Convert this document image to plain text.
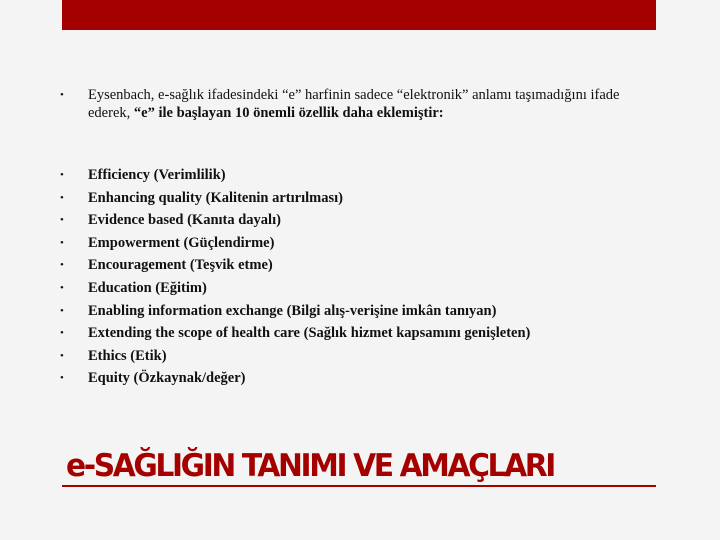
• Eysenbach, e-sağlık ifadesindeki “e” harfinin sadece “elektronik” anlamı taşımadığını ifade ederek, “e” ile başlayan 10 önemli özellik daha eklemiştir:
• Efficiency (Verimlilik)
• Enhancing quality (Kalitenin artırılması)
• Evidence based (Kanıta dayalı)
• Empowerment (Güçlendirme)
• Encouragement (Teşvik etme)
• Education (Eğitim)
• Enabling information exchange (Bilgi alış-verişine imkân tanıyan)
• Extending the scope of health care (Sağlık hizmet kapsamını genişleten)
• Ethics (Etik)
• Equity (Özkaynak/değer)
e-SAĞLIĞIN TANIMI VE AMAÇLARI
